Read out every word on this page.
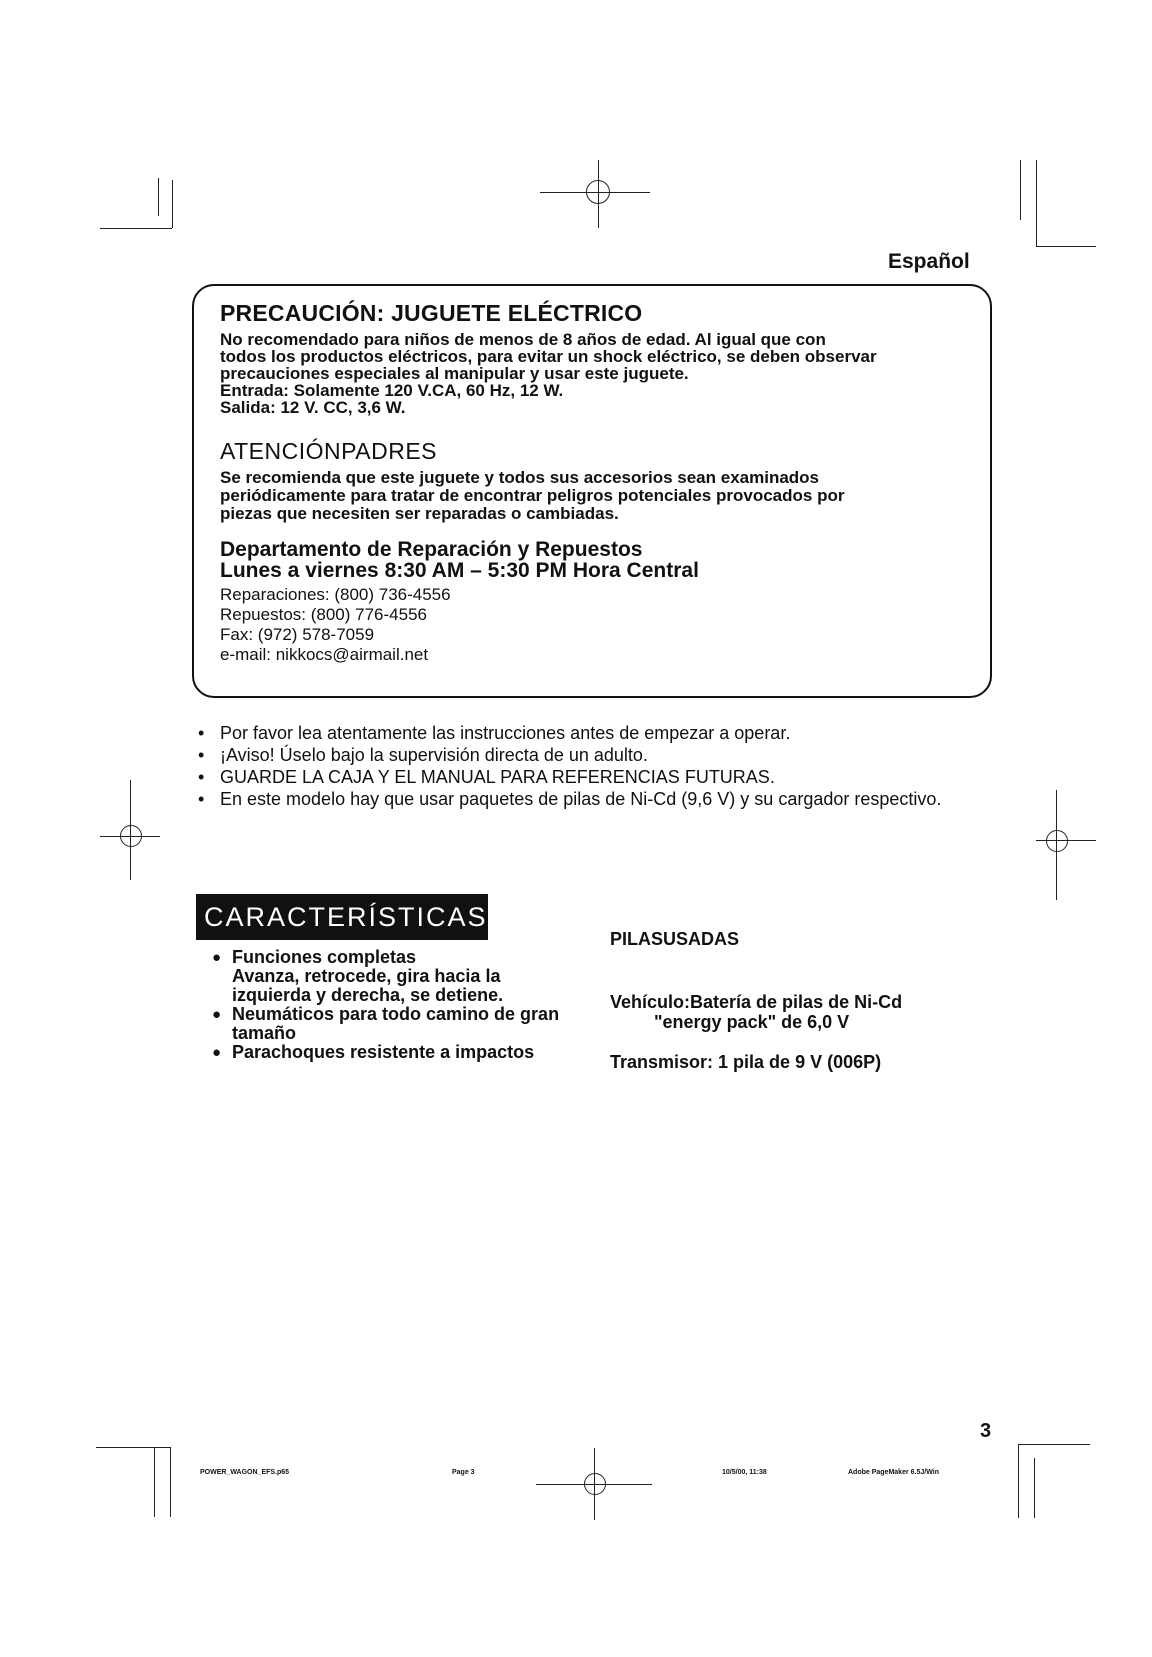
Español
PRECAUCIÓN: JUGUETE ELÉCTRICO
No recomendado para niños de menos de 8 años de edad. Al igual que con
todos los productos eléctricos, para evitar un shock eléctrico, se deben observar
precauciones especiales al manipular y usar este juguete.
Entrada: Solamente 120 V.CA, 60 Hz, 12 W.
Salida: 12 V. CC, 3,6 W.
ATENCIÓNPADRES
Se recomienda que este juguete y todos sus accesorios sean examinados
periódicamente para tratar de encontrar peligros potenciales provocados por
piezas que necesiten ser reparadas o cambiadas.
Departamento de Reparación y Repuestos
Lunes a viernes 8:30 AM – 5:30 PM Hora Central
Reparaciones: (800) 736-4556
Repuestos: (800) 776-4556
Fax: (972) 578-7059
e-mail: nikkocs@airmail.net
• Por favor lea atentamente las instrucciones antes de empezar a operar.
• ¡Aviso! Úselo bajo la supervisión directa de un adulto.
• GUARDE LA CAJA Y EL MANUAL PARA REFERENCIAS FUTURAS.
• En este modelo hay que usar paquetes de pilas de Ni-Cd (9,6 V) y su cargador respectivo.
CARACTERÍSTICAS
● Funciones completas
Avanza, retrocede, gira hacia la
izquierda y derecha, se detiene.
● Neumáticos para todo camino de gran
tamaño
● Parachoques resistente a impactos
PILASUSADAS
Vehículo:Batería de pilas de Ni-Cd
"energy pack" de 6,0 V
Transmisor: 1 pila de 9 V (006P)
3
POWER_WAGON_EFS.p65	Page 3	10/5/00, 11:38	Adobe PageMaker 6.5J/Win
